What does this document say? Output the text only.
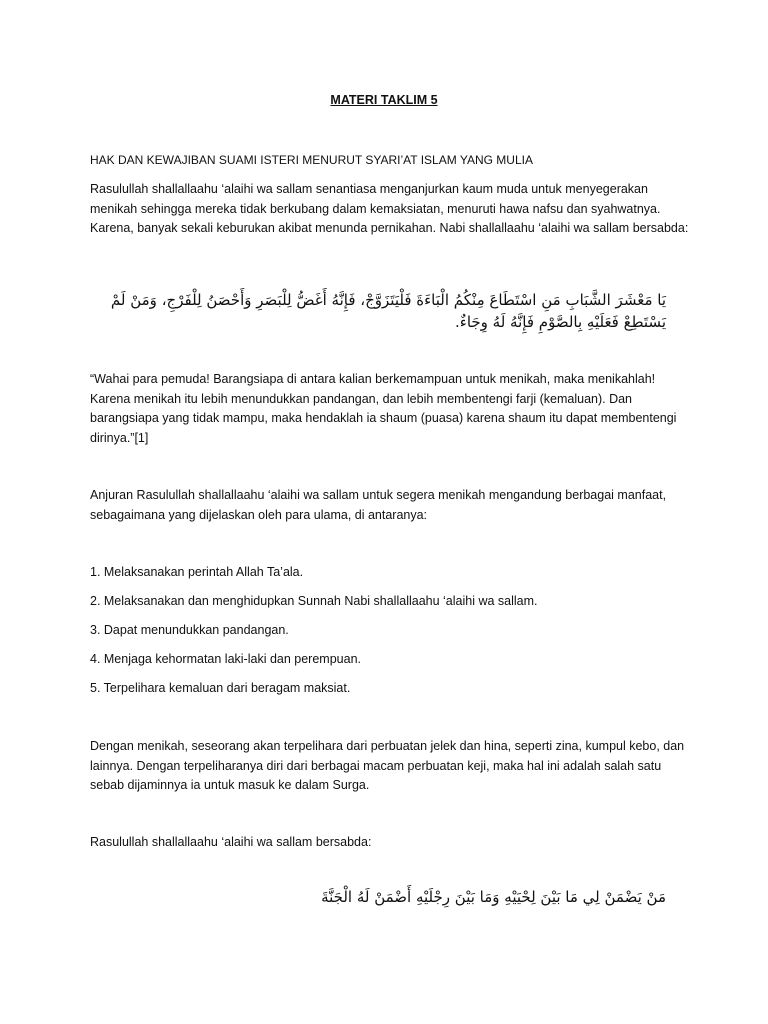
MATERI TAKLIM 5

HAK DAN KEWAJIBAN SUAMI ISTERI MENURUT SYARI’AT ISLAM YANG MULIA

Rasulullah shallallaahu ‘alaihi wa sallam senantiasa menganjurkan kaum muda untuk menyegerakan menikah sehingga mereka tidak berkubang dalam kemaksiatan, menuruti hawa nafsu dan syahwatnya. Karena, banyak sekali keburukan akibat menunda pernikahan. Nabi shallallaahu ‘alaihi wa sallam bersabda:

يَا مَعْشَرَ الشَّبَابِ مَنِ اسْتَطَاعَ مِنْكُمُ الْبَاءَةَ فَلْيَتَزَوَّجْ، فَإِنَّهُ أَغَضُّ لِلْبَصَرِ وَأَحْصَنُ لِلْفَرْجِ، وَمَنْ لَمْ يَسْتَطِعْ فَعَلَيْهِ بِالصَّوْمِ فَإِنَّهُ لَهُ وِجَاءٌ.

“Wahai para pemuda! Barangsiapa di antara kalian berkemampuan untuk menikah, maka menikahlah! Karena menikah itu lebih menundukkan pandangan, dan lebih membentengi farji (kemaluan). Dan barangsiapa yang tidak mampu, maka hendaklah ia shaum (puasa) karena shaum itu dapat membentengi dirinya.”[1]

Anjuran Rasulullah shallallaahu ‘alaihi wa sallam untuk segera menikah mengandung berbagai manfaat, sebagaimana yang dijelaskan oleh para ulama, di antaranya:

1. Melaksanakan perintah Allah Ta’ala.

2. Melaksanakan dan menghidupkan Sunnah Nabi shallallaahu ‘alaihi wa sallam.

3. Dapat menundukkan pandangan.

4. Menjaga kehormatan laki-laki dan perempuan.

5. Terpelihara kemaluan dari beragam maksiat.

Dengan menikah, seseorang akan terpelihara dari perbuatan jelek dan hina, seperti zina, kumpul kebo, dan lainnya. Dengan terpeliharanya diri dari berbagai macam perbuatan keji, maka hal ini adalah salah satu sebab dijaminnya ia untuk masuk ke dalam Surga.

Rasulullah shallallaahu ‘alaihi wa sallam bersabda:

مَنْ يَضْمَنْ لِي مَا بَيْنَ لِحْيَيْهِ وَمَا بَيْنَ رِجْلَيْهِ أَضْمَنْ لَهُ الْجَنَّةَ
